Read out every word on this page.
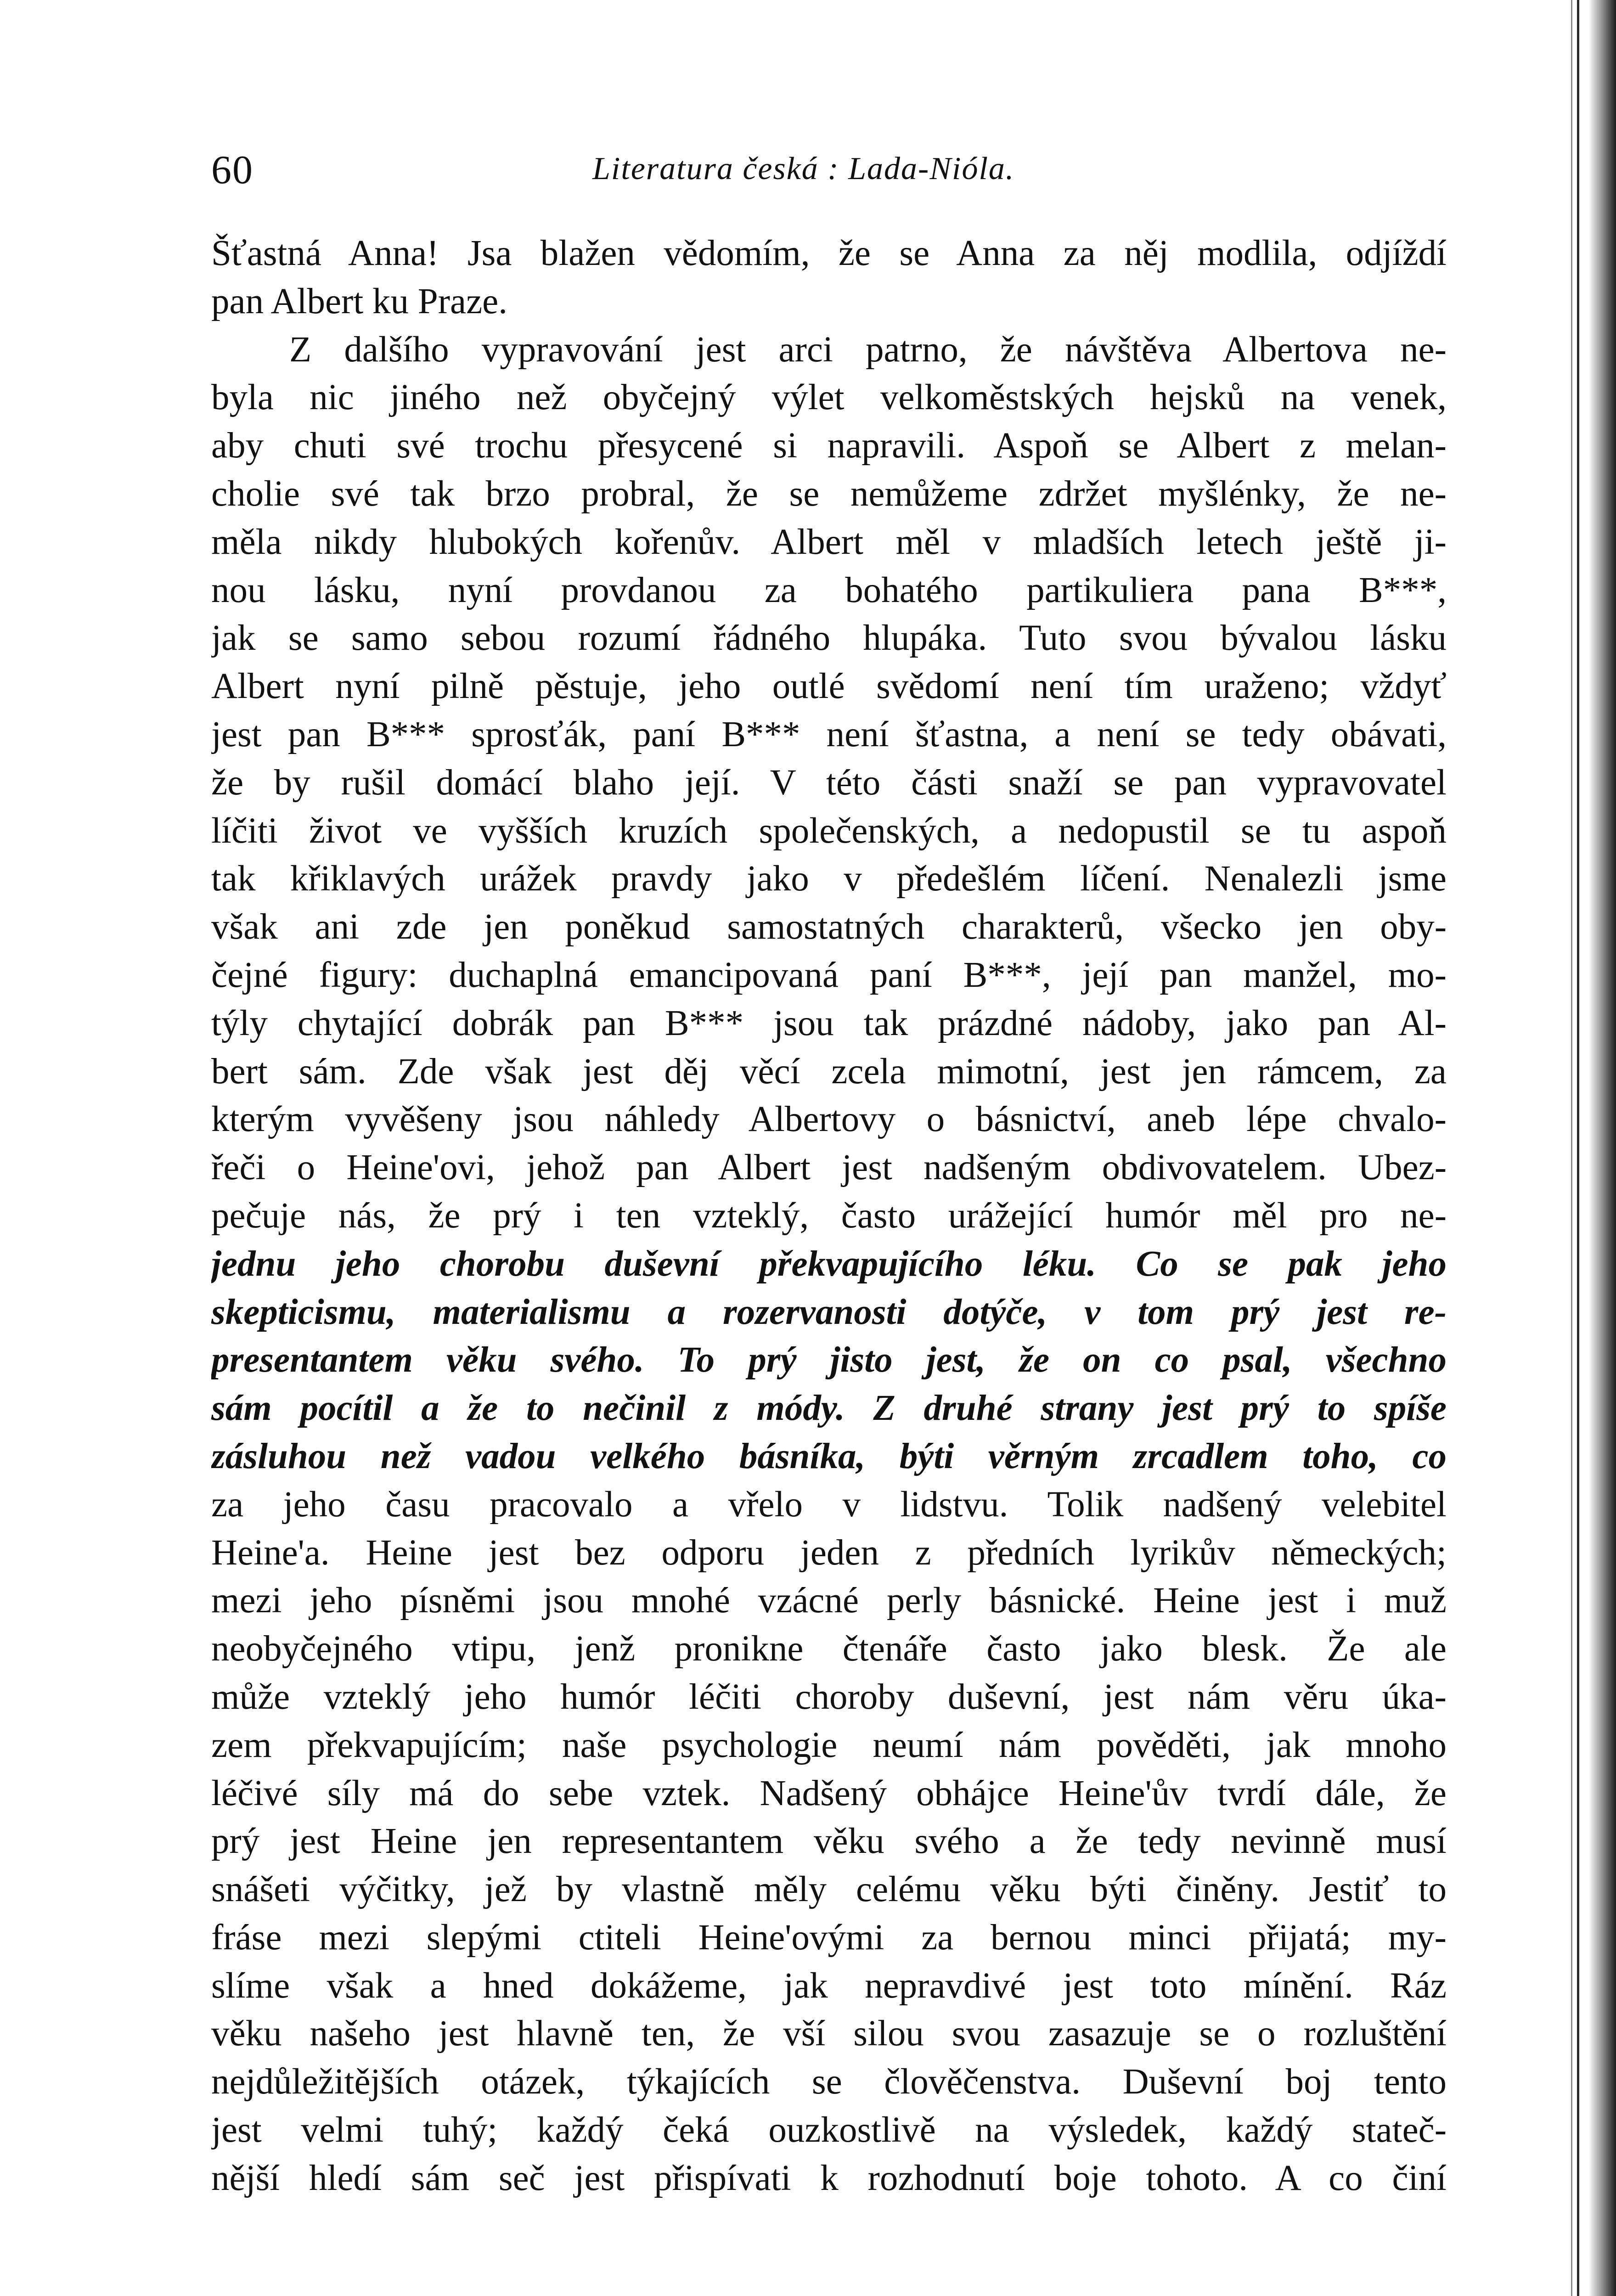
60	Literatura česká : Lada-Nióla.
Šťastná Anna! Jsa blažen vědomím, že se Anna za něj modlila, odjíždí
pan Albert ku Praze.
Z dalšího vypravování jest arci patrno, že návštěva Albertova ne-
byla nic jiného než obyčejný výlet velkoměstských hejsků na venek,
aby chuti své trochu přesycené si napravili. Aspoň se Albert z melan-
cholie své tak brzo probral, že se nemůžeme zdržet myšlénky, že ne-
měla nikdy hlubokých kořenův. Albert měl v mladších letech ještě ji-
nou lásku, nyní provdanou za bohatého partikuliera pana B***,
jak se samo sebou rozumí řádného hlupáka. Tuto svou bývalou lásku
Albert nyní pilně pěstuje, jeho outlé svědomí není tím uraženo; vždyť
jest pan B*** sprosťák, paní B*** není šťastna, a není se tedy obávati,
že by rušil domácí blaho její. V této části snaží se pan vypravovatel
líčiti život ve vyšších kruzích společenských, a nedopustil se tu aspoň
tak křiklavých urážek pravdy jako v předešlém líčení. Nenalezli jsme
však ani zde jen poněkud samostatných charakterů, všecko jen oby-
čejné figury: duchaplná emancipovaná paní B***, její pan manžel, mo-
týly chytající dobrák pan B*** jsou tak prázdné nádoby, jako pan Al-
bert sám. Zde však jest děj věcí zcela mimotní, jest jen rámcem, za
kterým vyvěšeny jsou náhledy Albertovy o básnictví, aneb lépe chvalo-
řeči o Heine'ovi, jehož pan Albert jest nadšeným obdivovatelem. Ubez-
pečuje nás, že prý i ten vzteklý, často urážející humór měl pro ne-
jednu jeho chorobu duševní překvapujícího léku. Co se pak jeho
skepticismu, materialismu a rozervanosti dotýče, v tom prý jest re-
presentantem věku svého. To prý jisto jest, že on co psal, všechno
sám pocítil a že to nečinil z módy. Z druhé strany jest prý to spíše
zásluhou než vadou velkého básníka, býti věrným zrcadlem toho, co
za jeho času pracovalo a vřelo v lidstvu. Tolik nadšený velebitel
Heine'a. Heine jest bez odporu jeden z předních lyrikův německých;
mezi jeho písněmi jsou mnohé vzácné perly básnické. Heine jest i muž
neobyčejného vtipu, jenž pronikne čtenáře často jako blesk. Že ale
může vzteklý jeho humór léčiti choroby duševní, jest nám věru úka-
zem překvapujícím; naše psychologie neumí nám pověděti, jak mnoho
léčivé síly má do sebe vztek. Nadšený obhájce Heine'ův tvrdí dále, že
prý jest Heine jen representantem věku svého a že tedy nevinně musí
snášeti výčitky, jež by vlastně měly celému věku býti činěny. Jestiť to
fráse mezi slepými ctiteli Heine'ovými za bernou minci přijatá; my-
slíme však a hned dokážeme, jak nepravdivé jest toto mínění. Ráz
věku našeho jest hlavně ten, že vší silou svou zasazuje se o rozluštění
nejdůležitějších otázek, týkajících se člověčenstva. Duševní boj tento
jest velmi tuhý; každý čeká ouzkostlivě na výsledek, každý stateč-
nější hledí sám seč jest přispívati k rozhodnutí boje tohoto. A co činí
